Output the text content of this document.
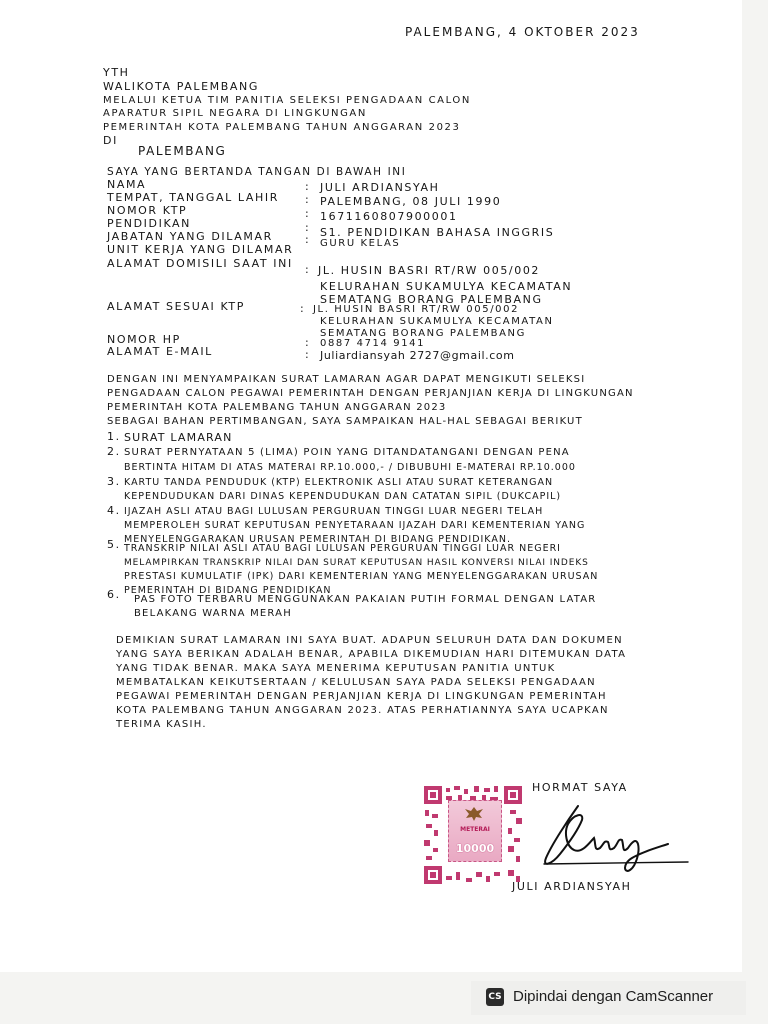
PALEMBANG, 4 OKTOBER 2023
YTH
WALIKOTA PALEMBANG
MELALUI KETUA TIM PANITIA SELEKSI PENGADAAN CALON
APARATUR SIPIL NEGARA DI LINGKUNGAN
PEMERINTAH KOTA PALEMBANG TAHUN ANGGARAN 2023
DI
PALEMBANG
SAYA YANG BERTANDA TANGAN DI BAWAH INI
NAMA	: JULI ARDIANSYAH
TEMPAT, TANGGAL LAHIR : PALEMBANG, 08 JULI 1990
NOMOR KTP	: 1671160807900001
PENDIDIKAN	: S1. PENDIDIKAN BAHASA INGGRIS
JABATAN YANG DILAMAR	: GURU KELAS
UNIT KERJA YANG DILAMAR
ALAMAT DOMISILI SAAT INI : JL. HUSIN BASRI RT/RW 005/002
KELURAHAN SUKAMULYA KECAMATAN
SEMATANG BORANG PALEMBANG
ALAMAT SESUAI KTP	: JL. HUSIN BASRI RT/RW 005/002
KELURAHAN SUKAMULYA KECAMATAN
SEMATANG BORANG PALEMBANG
NOMOR HP	: 0887 4714 9141
ALAMAT E-MAIL	: Juliardiansyah 2727@gmail.com
DENGAN INI MENYAMPAIKAN SURAT LAMARAN AGAR DAPAT MENGIKUTI SELEKSI
PENGADAAN CALON PEGAWAI PEMERINTAH DENGAN PERJANJIAN KERJA DI LINGKUNGAN
PEMERINTAH KOTA PALEMBANG TAHUN ANGGARAN 2023
SEBAGAI BAHAN PERTIMBANGAN, SAYA SAMPAIKAN HAL-HAL SEBAGAI BERIKUT
1. SURAT LAMARAN
2. SURAT PERNYATAAN 5 (LIMA) POIN YANG DITANDATANGANI DENGAN PENA
BERTINTA HITAM DI ATAS MATERAI RP.10.000,- / DIBUBUHI E-MATERAI RP.10.000
3. KARTU TANDA PENDUDUK (KTP) ELEKTRONIK ASLI ATAU SURAT KETERANGAN
KEPENDUDUKAN DARI DINAS KEPENDUDUKAN DAN CATATAN SIPIL (DUKCAPIL)
4. IJAZAH ASLI ATAU BAGI LULUSAN PERGURUAN TINGGI LUAR NEGERI TELAH
MEMPEROLEH SURAT KEPUTUSAN PENYETARAAN IJAZAH DARI KEMENTERIAN YANG
MENYELENGGARAKAN URUSAN PEMERINTAH DI BIDANG PENDIDIKAN.
5. TRANSKRIP NILAI ASLI ATAU BAGI LULUSAN PERGURUAN TINGGI LUAR NEGERI
MELAMPIRKAN TRANSKRIP NILAI DAN SURAT KEPUTUSAN HASIL KONVERSI NILAI INDEKS
PRESTASI KUMULATIF (IPK) DARI KEMENTERIAN YANG MENYELENGGARAKAN URUSAN
PEMERINTAH DI BIDANG PENDIDIKAN
6. PAS FOTO TERBARU MENGGUNAKAN PAKAIAN PUTIH FORMAL DENGAN LATAR
BELAKANG WARNA MERAH
DEMIKIAN SURAT LAMARAN INI SAYA BUAT. ADAPUN SELURUH DATA DAN DOKUMEN
YANG SAYA BERIKAN ADALAH BENAR, APABILA DIKEMUDIAN HARI DITEMUKAN DATA
YANG TIDAK BENAR. MAKA SAYA MENERIMA KEPUTUSAN PANITIA UNTUK
MEMBATALKAN KEIKUTSERTAAN / KELULUSAN SAYA PADA SELEKSI PENGADAAN
PEGAWAI PEMERINTAH DENGAN PERJANJIAN KERJA DI LINGKUNGAN PEMERINTAH
KOTA PALEMBANG TAHUN ANGGARAN 2023. ATAS PERHATIANNYA SAYA UCAPKAN
TERIMA KASIH.
HORMAT SAYA
METERAI
10000
JULI ARDIANSYAH
CS Dipindai dengan CamScanner
